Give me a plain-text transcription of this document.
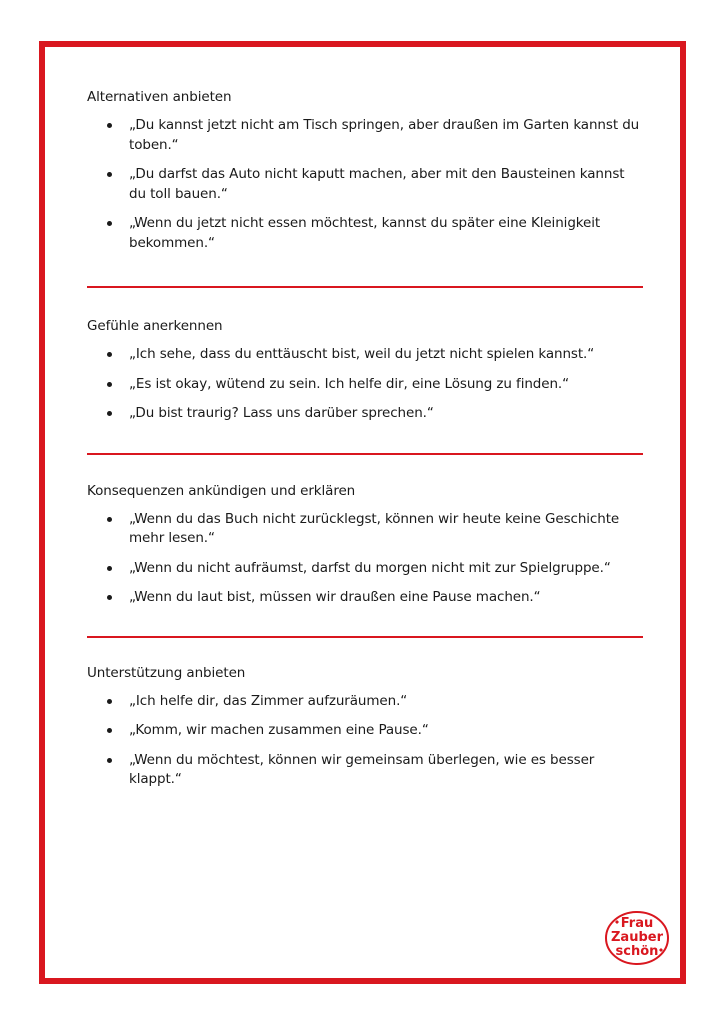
Alternativen anbieten
„Du kannst jetzt nicht am Tisch springen, aber draußen im Garten kannst du toben.“
„Du darfst das Auto nicht kaputt machen, aber mit den Bausteinen kannst du toll bauen.“
„Wenn du jetzt nicht essen möchtest, kannst du später eine Kleinigkeit bekommen.“
Gefühle anerkennen
„Ich sehe, dass du enttäuscht bist, weil du jetzt nicht spielen kannst.“
„Es ist okay, wütend zu sein. Ich helfe dir, eine Lösung zu finden.“
„Du bist traurig? Lass uns darüber sprechen.“
Konsequenzen ankündigen und erklären
„Wenn du das Buch nicht zurücklegst, können wir heute keine Geschichte mehr lesen.“
„Wenn du nicht aufräumst, darfst du morgen nicht mit zur Spielgruppe.“
„Wenn du laut bist, müssen wir draußen eine Pause machen.“
Unterstützung anbieten
„Ich helfe dir, das Zimmer aufzuräumen.“
„Komm, wir machen zusammen eine Pause.“
„Wenn du möchtest, können wir gemeinsam überlegen, wie es besser klappt.“
Frau
Zauber
schön
